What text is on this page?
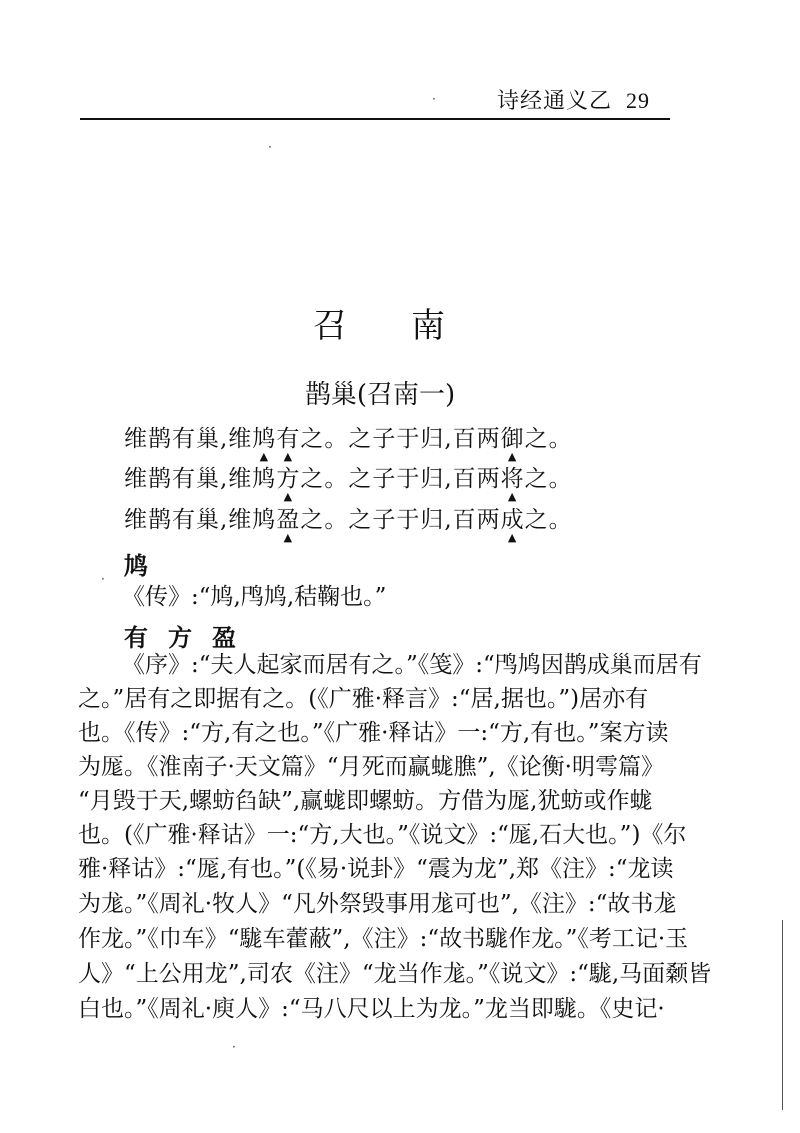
诗经通义乙 29
·
·
召 南
鹊巢(召南一)
维鹊有巢,维鸠 ▲有 ▲之。之子于归,百两御 ▲之。
维鹊有巢,维鸠方 ▲之。之子于归,百两将 ▲之。
维鹊有巢,维鸠盈 ▲之。之子于归,百两成 ▲之。
鸠
·
《传》:“鸠,鸤鸠,秸鞠也。”
有方盈
《序》:“夫人起家而居有之。”《笺》:“鸤鸠因鹊成巢而居有
之。”居有之即据有之。(《广雅·释言》:“居,据也。”)居亦有
也。《传》:“方,有之也。”《广雅·释诂》一:“方,有也。”案方读
为厖。《淮南子·天文篇》“月死而赢蛖膲”,《论衡·明雩篇》
“月毁于天,螺蚄臽缺”,赢蛖即螺蚄。方借为厖,犹蚄或作蛖
也。(《广雅·释诂》一:“方,大也。”《说文》:“厖,石大也。”)《尔
雅·释诂》:“厖,有也。”(《易·说卦》“震为龙”,郑《注》:“龙读
为尨。”《周礼·牧人》“凡外祭毁事用尨可也”,《注》:“故书尨
作龙。”《巾车》“駹车藿蔽”,《注》:“故书駹作龙。”《考工记·玉
人》“上公用龙”,司农《注》“龙当作尨。”《说文》:“駹,马面颡皆
白也。”《周礼·庾人》:“马八尺以上为龙。”龙当即駹。《史记·
·
